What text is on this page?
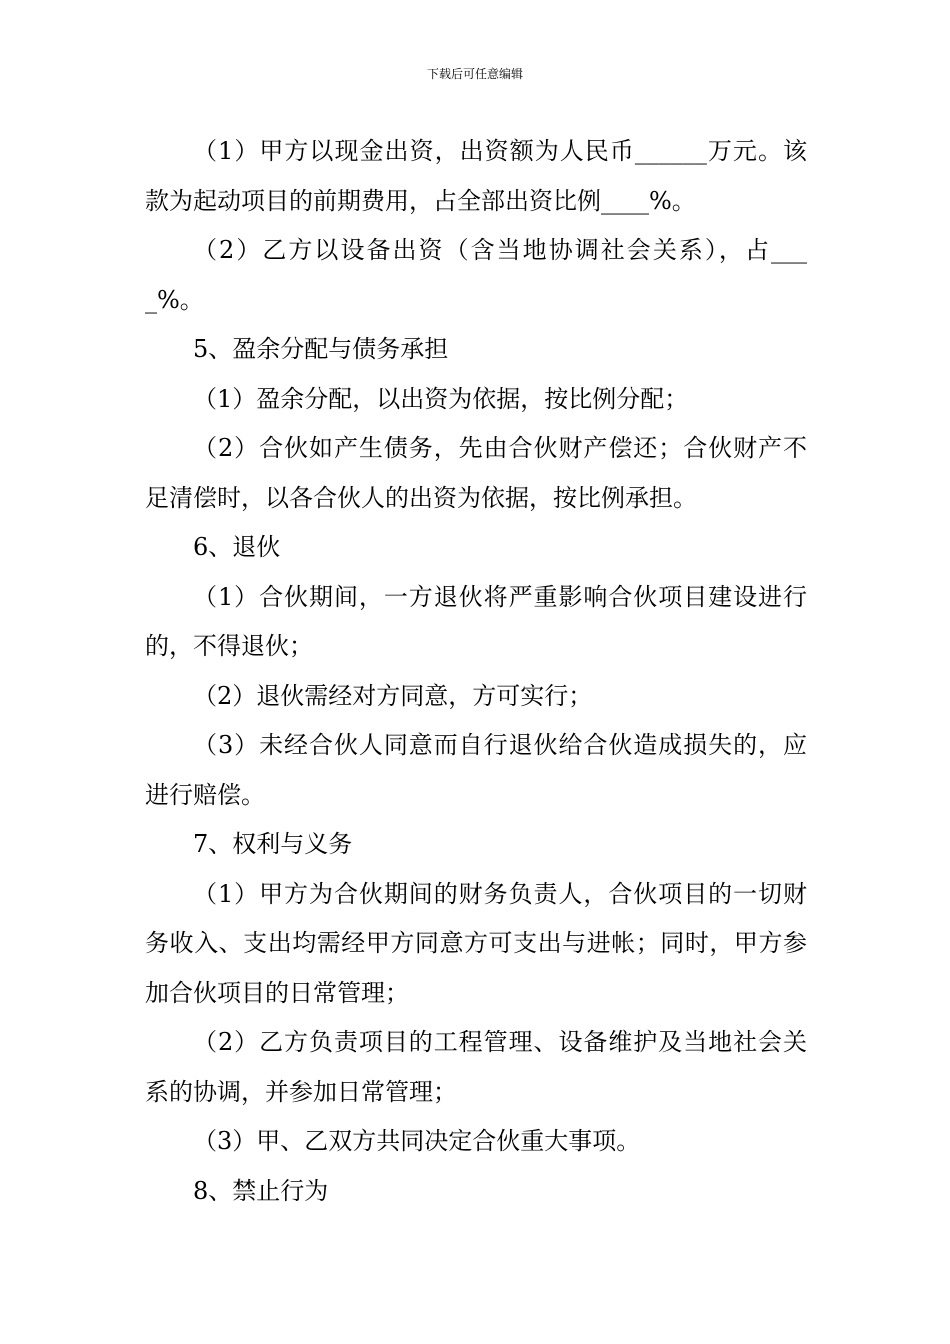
下载后可任意编辑

（1）甲方以现金出资，出资额为人民币______万元。该款为起动项目的前期费用，占全部出资比例____%。

（2）乙方以设备出资（含当地协调社会关系），占____%。

5、盈余分配与债务承担

（1）盈余分配，以出资为依据，按比例分配；

（2）合伙如产生债务，先由合伙财产偿还；合伙财产不足清偿时，以各合伙人的出资为依据，按比例承担。

6、退伙

（1）合伙期间，一方退伙将严重影响合伙项目建设进行的，不得退伙；

（2）退伙需经对方同意，方可实行；

（3）未经合伙人同意而自行退伙给合伙造成损失的，应进行赔偿。

7、权利与义务

（1）甲方为合伙期间的财务负责人，合伙项目的一切财务收入、支出均需经甲方同意方可支出与进帐；同时，甲方参加合伙项目的日常管理；

（2）乙方负责项目的工程管理、设备维护及当地社会关系的协调，并参加日常管理；

（3）甲、乙双方共同决定合伙重大事项。

8、禁止行为
